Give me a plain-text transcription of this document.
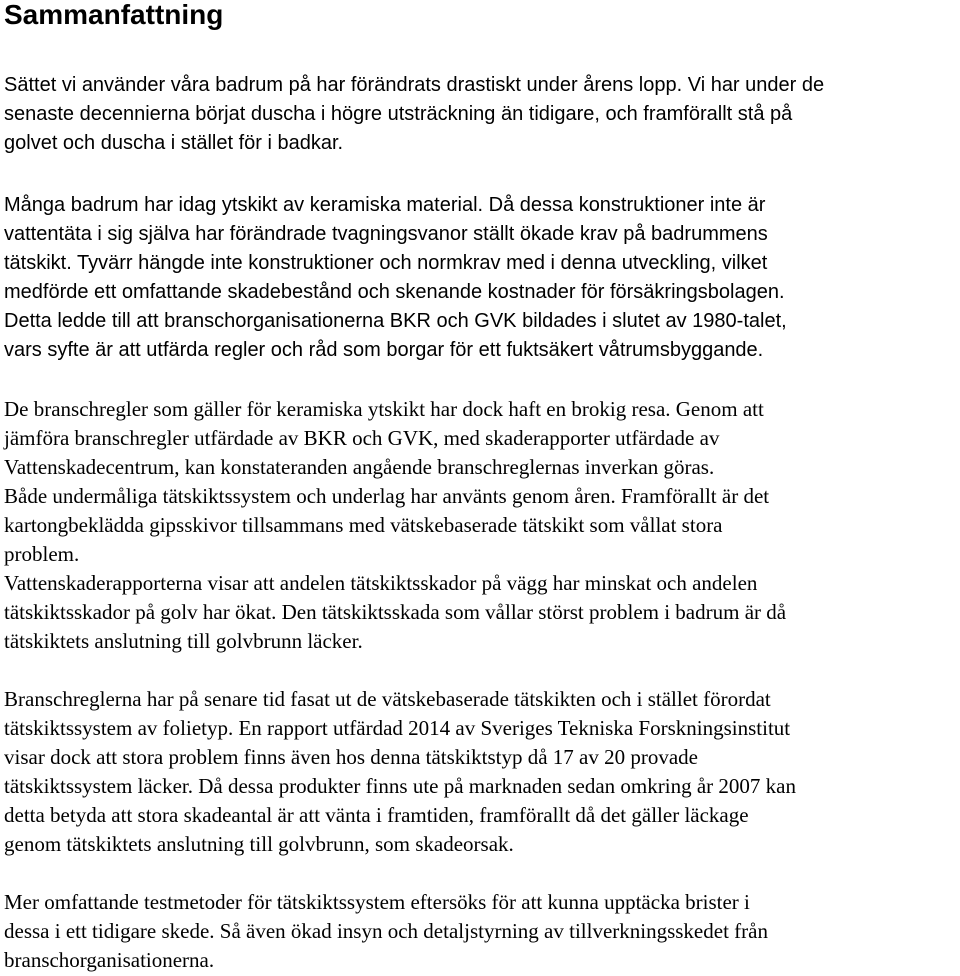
Sammanfattning
Sättet vi använder våra badrum på har förändrats drastiskt under årens lopp. Vi har under de
senaste decennierna börjat duscha i högre utsträckning än tidigare, och framförallt stå på
golvet och duscha i stället för i badkar.
Många badrum har idag ytskikt av keramiska material. Då dessa konstruktioner inte är
vattentäta i sig själva har förändrade tvagningsvanor ställt ökade krav på badrummens
tätskikt. Tyvärr hängde inte konstruktioner och normkrav med i denna utveckling, vilket
medförde ett omfattande skadebestånd och skenande kostnader för försäkringsbolagen.
Detta ledde till att branschorganisationerna BKR och GVK bildades i slutet av 1980-talet,
vars syfte är att utfärda regler och råd som borgar för ett fuktsäkert våtrumsbyggande.
De branschregler som gäller för keramiska ytskikt har dock haft en brokig resa. Genom att
jämföra branschregler utfärdade av BKR och GVK, med skaderapporter utfärdade av
Vattenskadecentrum, kan konstateranden angående branschreglernas inverkan göras.
Både undermåliga tätskiktssystem och underlag har använts genom åren. Framförallt är det
kartongbeklädda gipsskivor tillsammans med vätskebaserade tätskikt som vållat stora
problem.
Vattenskaderapporterna visar att andelen tätskiktsskador på vägg har minskat och andelen
tätskiktsskador på golv har ökat. Den tätskiktsskada som vållar störst problem i badrum är då
tätskiktets anslutning till golvbrunn läcker.
Branschreglerna har på senare tid fasat ut de vätskebaserade tätskikten och i stället förordat
tätskiktssystem av folietyp. En rapport utfärdad 2014 av Sveriges Tekniska Forskningsinstitut
visar dock att stora problem finns även hos denna tätskiktstyp då 17 av 20 provade
tätskiktssystem läcker. Då dessa produkter finns ute på marknaden sedan omkring år 2007 kan
detta betyda att stora skadeantal är att vänta i framtiden, framförallt då det gäller läckage
genom tätskiktets anslutning till golvbrunn, som skadeorsak.
Mer omfattande testmetoder för tätskiktssystem eftersöks för att kunna upptäcka brister i
dessa i ett tidigare skede. Så även ökad insyn och detaljstyrning av tillverkningsskedet från
branschorganisationerna.
